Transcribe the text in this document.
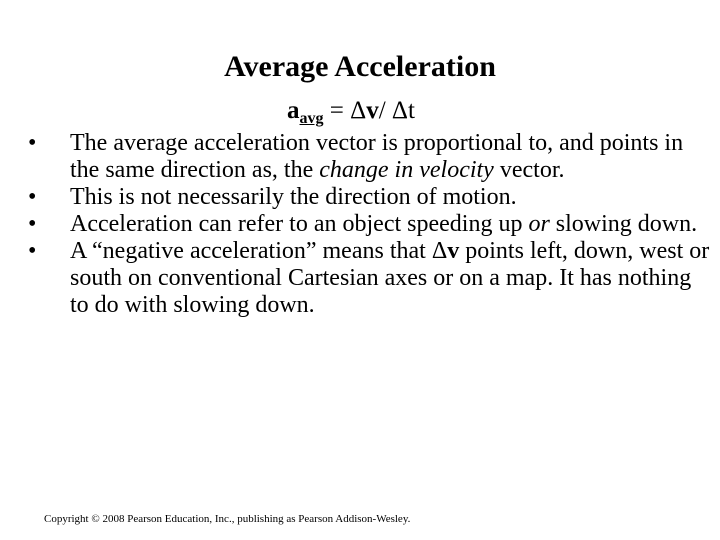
Average Acceleration
$a_{avg} = \Delta v/$ Δt
•	The average acceleration vector is proportional to, and points in the same direction as, the change in velocity vector.
•	This is not necessarily the direction of motion.
•	Acceleration can refer to an object speeding up or slowing down.
•	A “negative acceleration” means that Δv points left, down, west or south on conventional Cartesian axes or on a map. It has nothing to do with slowing down.
Copyright © 2008 Pearson Education, Inc., publishing as Pearson Addison-Wesley.
